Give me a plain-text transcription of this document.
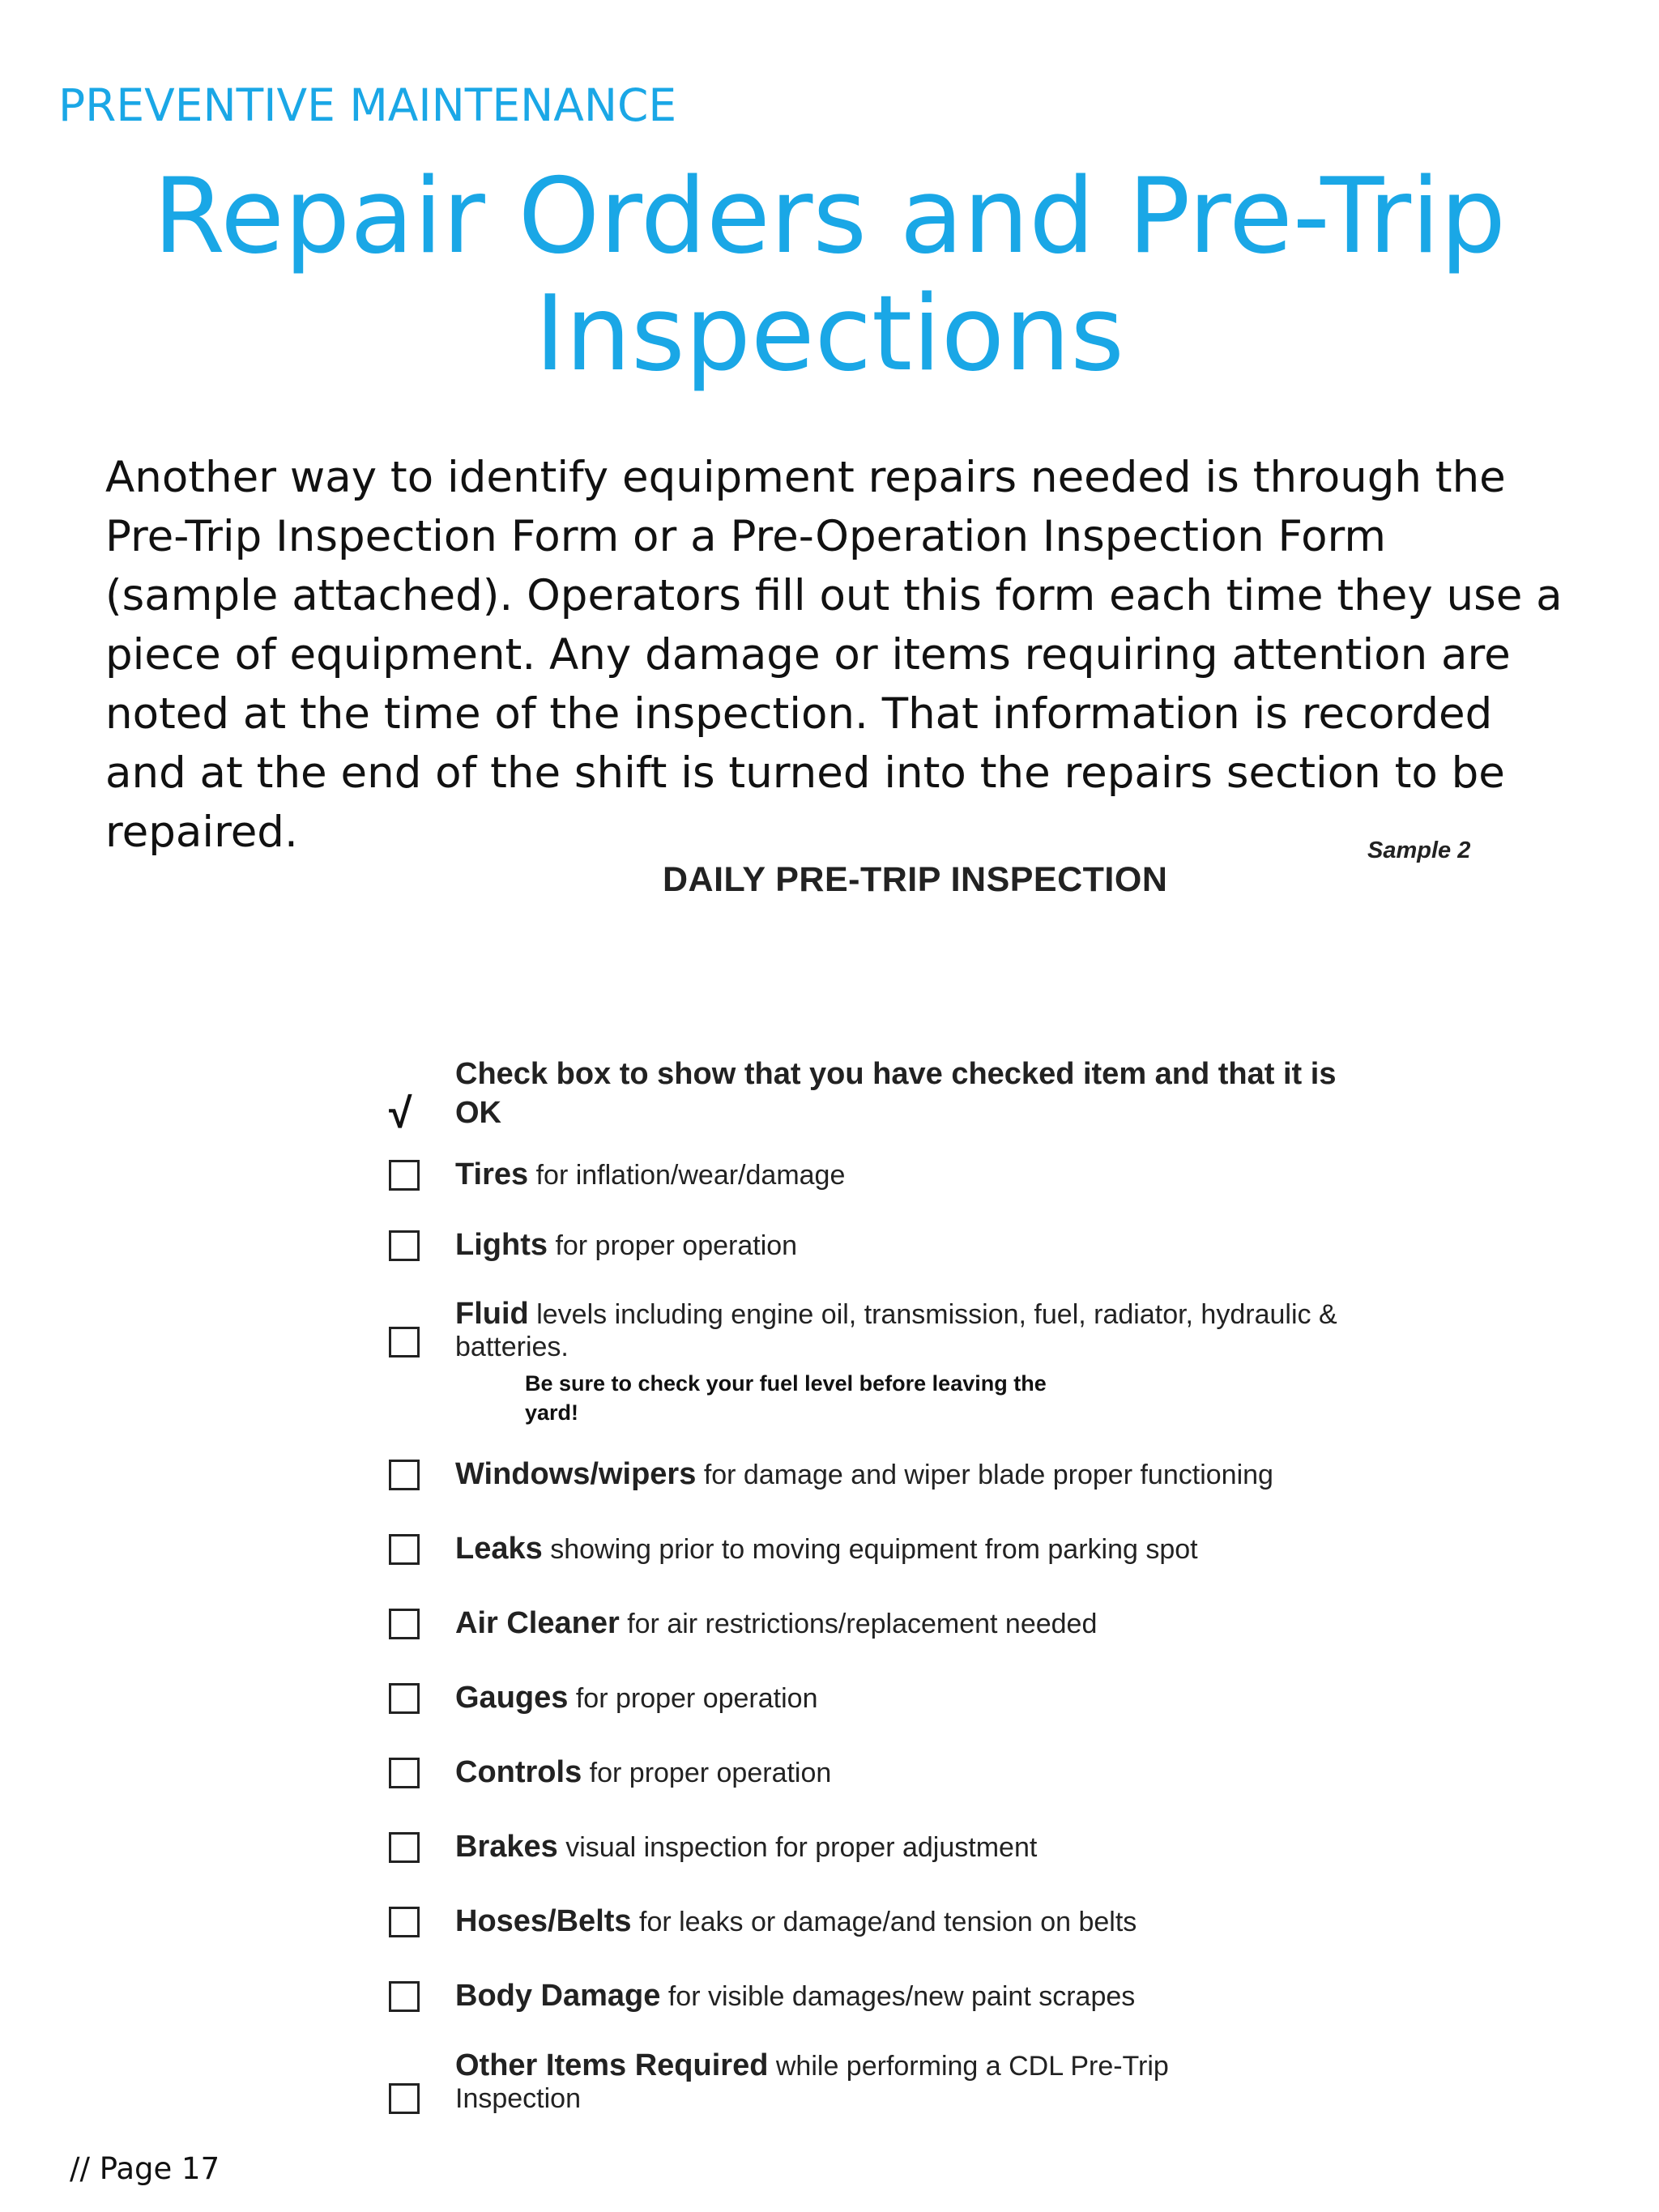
PREVENTIVE MAINTENANCE
Repair Orders and Pre-Trip
Inspections

Another way to identify equipment repairs needed is through the Pre-Trip Inspection Form or a Pre-Operation Inspection Form (sample attached). Operators fill out this form each time they use a piece of equipment. Any damage or items requiring attention are noted at the time of the inspection. That information is recorded and at the end of the shift is turned into the repairs section to be repaired.	Sample 2
DAILY PRE-TRIP INSPECTION
√
Check box to show that you have checked item and that it is OK
Tires for inflation/wear/damage
Lights for proper operation
Fluid levels including engine oil, transmission, fuel, radiator, hydraulic & batteries.
Be sure to check your fuel level before leaving the yard!
Windows/wipers for damage and wiper blade proper functioning
Leaks showing prior to moving equipment from parking spot
Air Cleaner for air restrictions/replacement needed
Gauges for proper operation
Controls for proper operation
Brakes visual inspection for proper adjustment
Hoses/Belts for leaks or damage/and tension on belts
Body Damage for visible damages/new paint scrapes
Other Items Required while performing a CDL Pre-Trip Inspection
// Page 17
